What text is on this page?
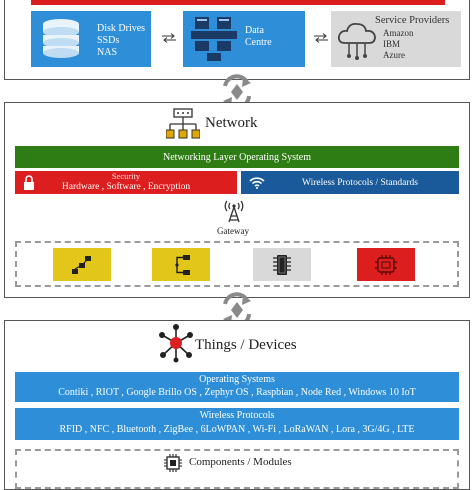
Disk Drives
SSDs
NAS
Data
Centre
Service Providers
Amazon
IBM
Azure
Network
Networking Layer Operating System
Security
Hardware , Software , Encryption	Wireless Protocols / Standards
Gateway
Things / Devices
Operating Systems
Contiki , RIOT , Google Brillo OS , Zephyr OS , Raspbian , Node Red , Windows 10 IoT
Wireless Protocols
RFID , NFC , Bluetooth , ZigBee , 6LoWPAN , Wi-Fi , LoRaWAN , Lora , 3G/4G , LTE
Components / Modules
